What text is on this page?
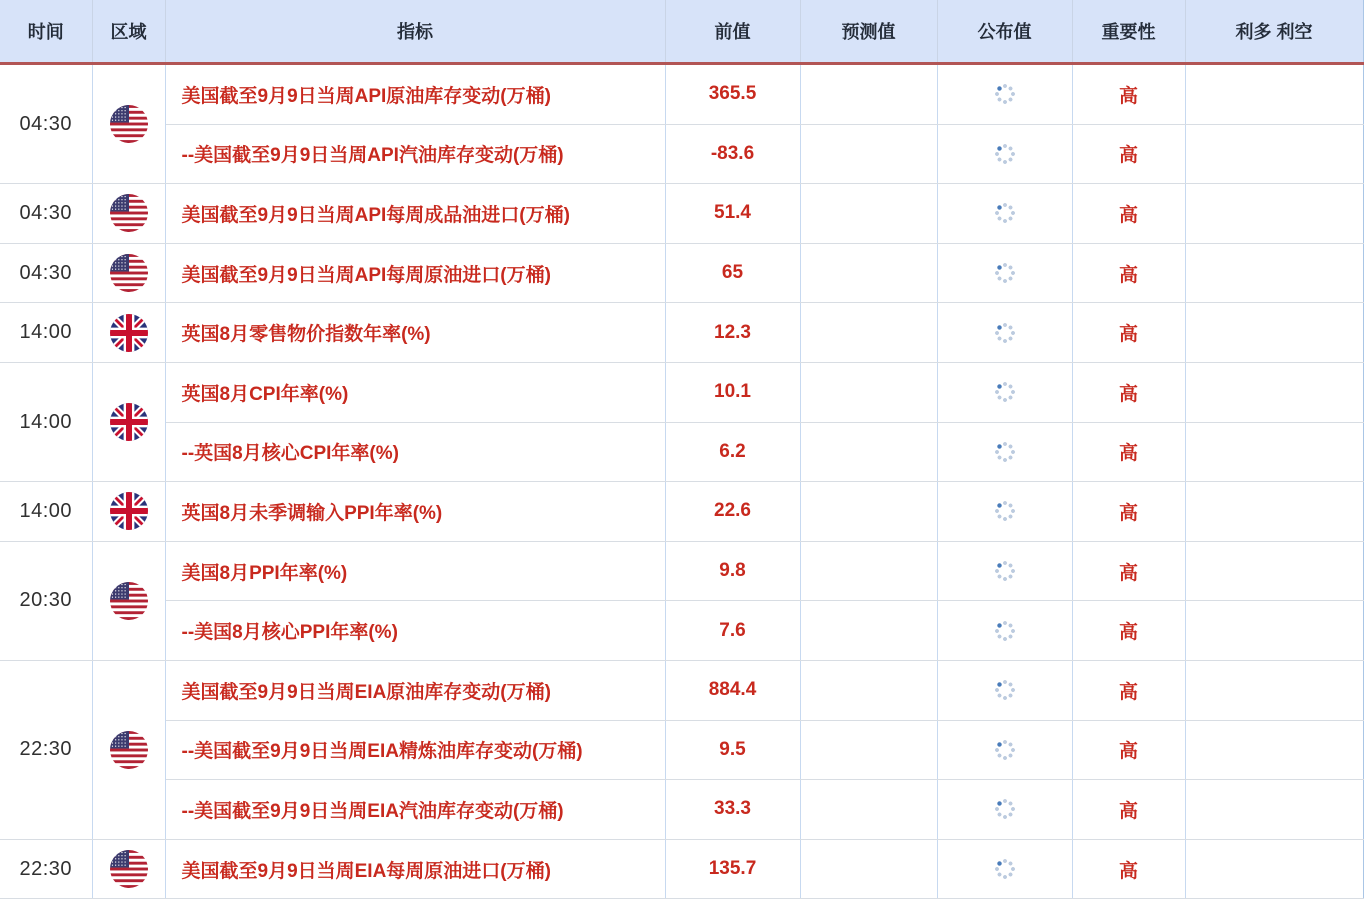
时间	区域	指标	前值	预测值	公布值	重要性	利多 利空
04:30		美国截至9月9日当周API原油库存变动(万桶)	365.5			高	
		--美国截至9月9日当周API汽油库存变动(万桶)	-83.6			高	
04:30		美国截至9月9日当周API每周成品油进口(万桶)	51.4			高	
04:30		美国截至9月9日当周API每周原油进口(万桶)	65			高	
14:00		英国8月零售物价指数年率(%)	12.3			高	
14:00		英国8月CPI年率(%)	10.1			高	
		--英国8月核心CPI年率(%)	6.2			高	
14:00		英国8月未季调输入PPI年率(%)	22.6			高	
20:30		美国8月PPI年率(%)	9.8			高	
		--美国8月核心PPI年率(%)	7.6			高	
22:30		美国截至9月9日当周EIA原油库存变动(万桶)	884.4			高	
		--美国截至9月9日当周EIA精炼油库存变动(万桶)	9.5			高	
		--美国截至9月9日当周EIA汽油库存变动(万桶)	33.3			高	
22:30		美国截至9月9日当周EIA每周原油进口(万桶)	135.7			高	
